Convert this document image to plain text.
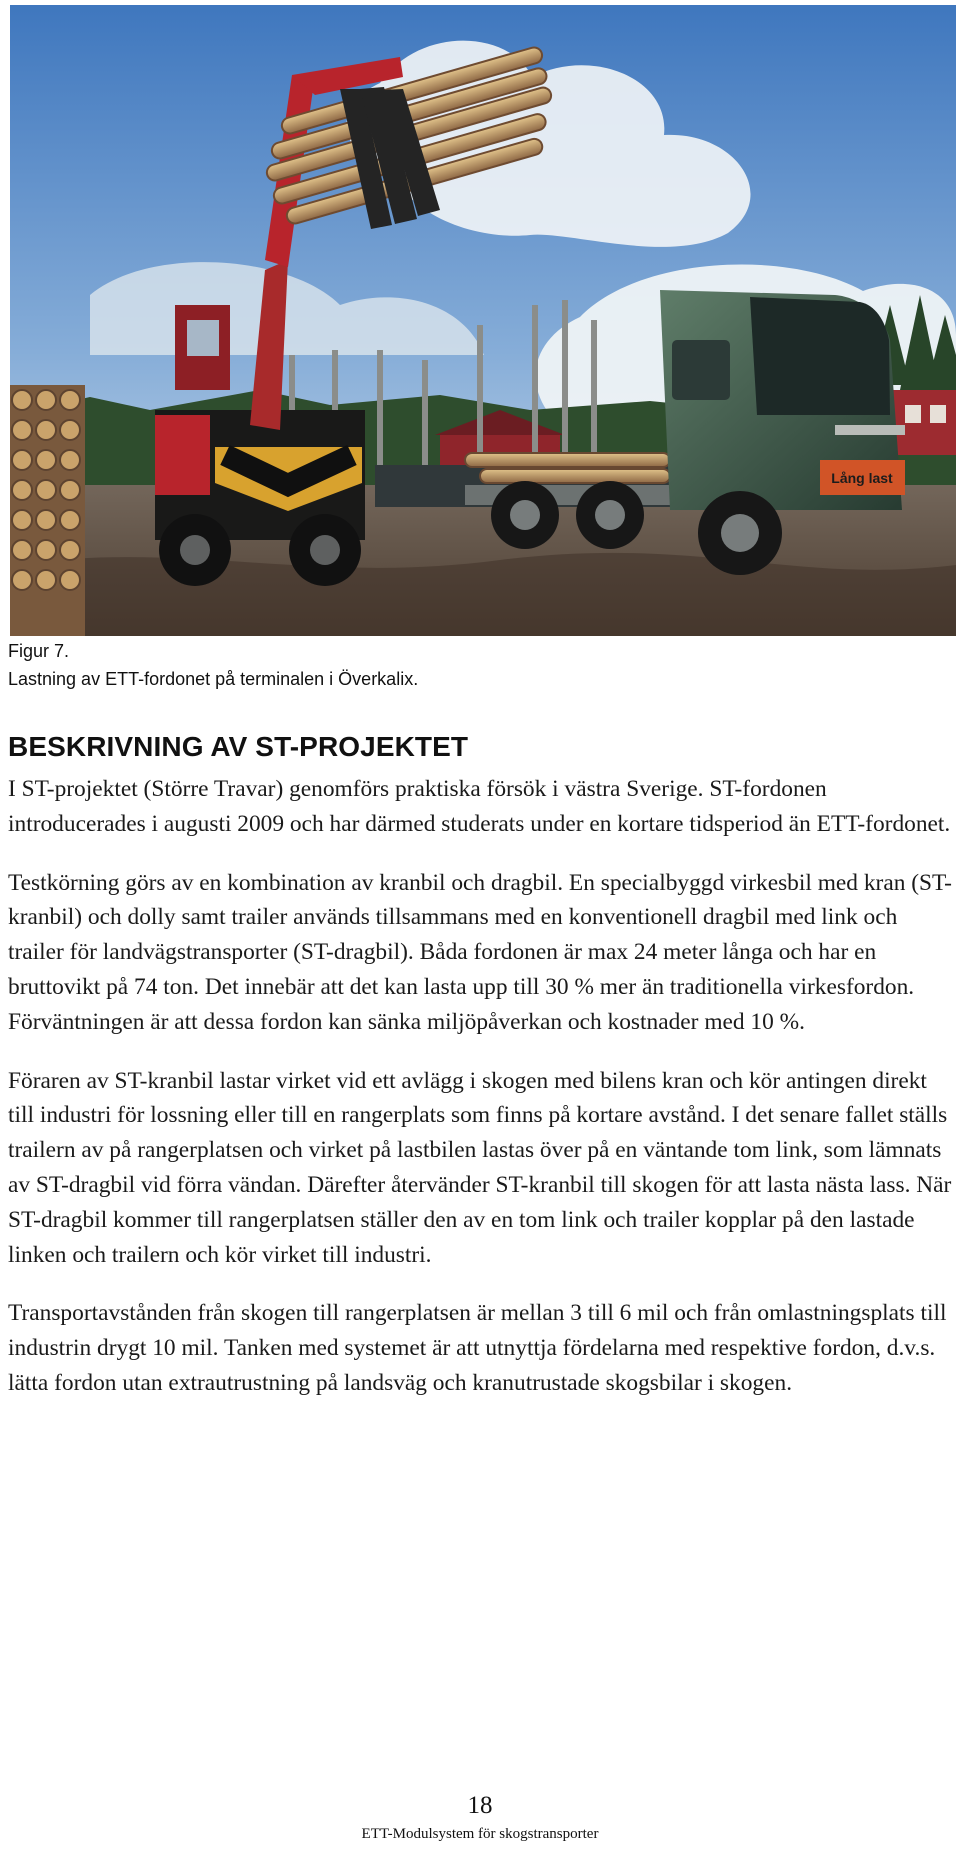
Lång last
Figur 7.
Lastning av ETT-fordonet på terminalen i Överkalix.
BESKRIVNING AV ST-PROJEKTET

I ST-projektet (Större Travar) genomförs praktiska försök i västra Sverige. ST-fordonen introducerades i augusti 2009 och har därmed studerats under en kortare tidsperiod än ETT-fordonet.

Testkörning görs av en kombination av kranbil och dragbil. En specialbyggd virkesbil med kran (ST-kranbil) och dolly samt trailer används tillsammans med en konventionell dragbil med link och trailer för landvägstransporter (ST-dragbil). Båda fordonen är max 24 meter långa och har en bruttovikt på 74 ton. Det innebär att det kan lasta upp till 30 % mer än traditionella virkesfordon. Förväntningen är att dessa fordon kan sänka miljöpåverkan och kostnader med 10 %.

Föraren av ST-kranbil lastar virket vid ett avlägg i skogen med bilens kran och kör antingen direkt till industri för lossning eller till en rangerplats som finns på kortare avstånd. I det senare fallet ställs trailern av på rangerplatsen och virket på lastbilen lastas över på en väntande tom link, som lämnats av ST-dragbil vid förra vändan. Därefter återvänder ST-kranbil till skogen för att lasta nästa lass. När ST-dragbil kommer till rangerplatsen ställer den av en tom link och trailer kopplar på den lastade linken och trailern och kör virket till industri.

Transportavstånden från skogen till rangerplatsen är mellan 3 till 6 mil och från omlastningsplats till industrin drygt 10 mil. Tanken med systemet är att utnyttja fördelarna med respektive fordon, d.v.s. lätta fordon utan extrautrustning på landsväg och kranutrustade skogsbilar i skogen.

18
ETT-Modulsystem för skogstransporter
